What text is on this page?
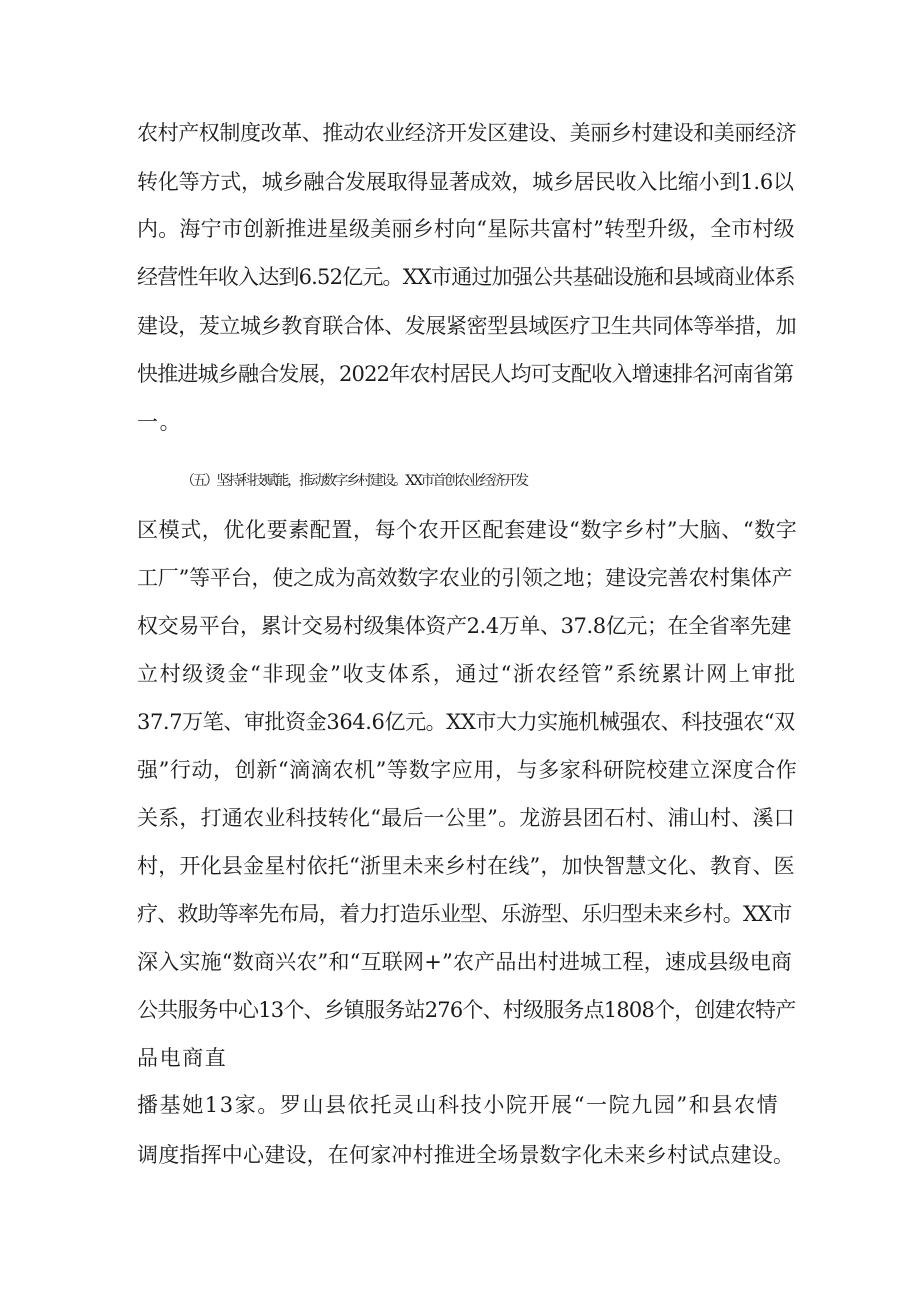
农村产权制度改革、推动农业经济开发区建设、美丽乡村建设和美丽经济
转化等方式，城乡融合发展取得显著成效，城乡居民收入比缩小到1.6以
内。海宁市创新推进星级美丽乡村向“星际共富村”转型升级，全市村级
经营性年收入达到6.52亿元。XX市通过加强公共基础设施和县域商业体系
建设，茇立城乡教育联合体、发展紧密型县域医疗卫生共同体等举措，加
快推进城乡融合发展，2022年农村居民人均可支配收入增速排名河南省第
一。
（五）坚持科技赋能，推动数字乡村建设。XX市首创农业经济开发
区模式，优化要素配置，每个农开区配套建设“数字乡村”大脑、“数字
工厂”等平台，使之成为高效数字农业的引领之地；建设完善农村集体产
权交易平台，累计交易村级集体资产2.4万单、37.8亿元；在全省率先建
立村级烫金“非现金”收支体系，通过“浙农经管”系统累计网上审批
37.7万笔、审批资金364.6亿元。XX市大力实施机械强农、科技强农“双
强”行动，创新“滴滴农机”等数字应用，与多家科研院校建立深度合作
关系，打通农业科技转化“最后一公里”。龙游县团石村、浦山村、溪口
村，开化县金星村依托“浙里未来乡村在线”，加快智慧文化、教育、医
疗、救助等率先布局，着力打造乐业型、乐游型、乐归型未来乡村。XX市
深入实施“数商兴农”和“互联网+”农产品出村进城工程，速成县级电商
公共服务中心13个、乡镇服务站276个、村级服务点1808个，创建农特产
品电商直
播基她13家。罗山县依托灵山科技小院开展“一院九园”和县农情
调度指挥中心建设，在何家冲村推进全场景数字化未来乡村试点建设。
